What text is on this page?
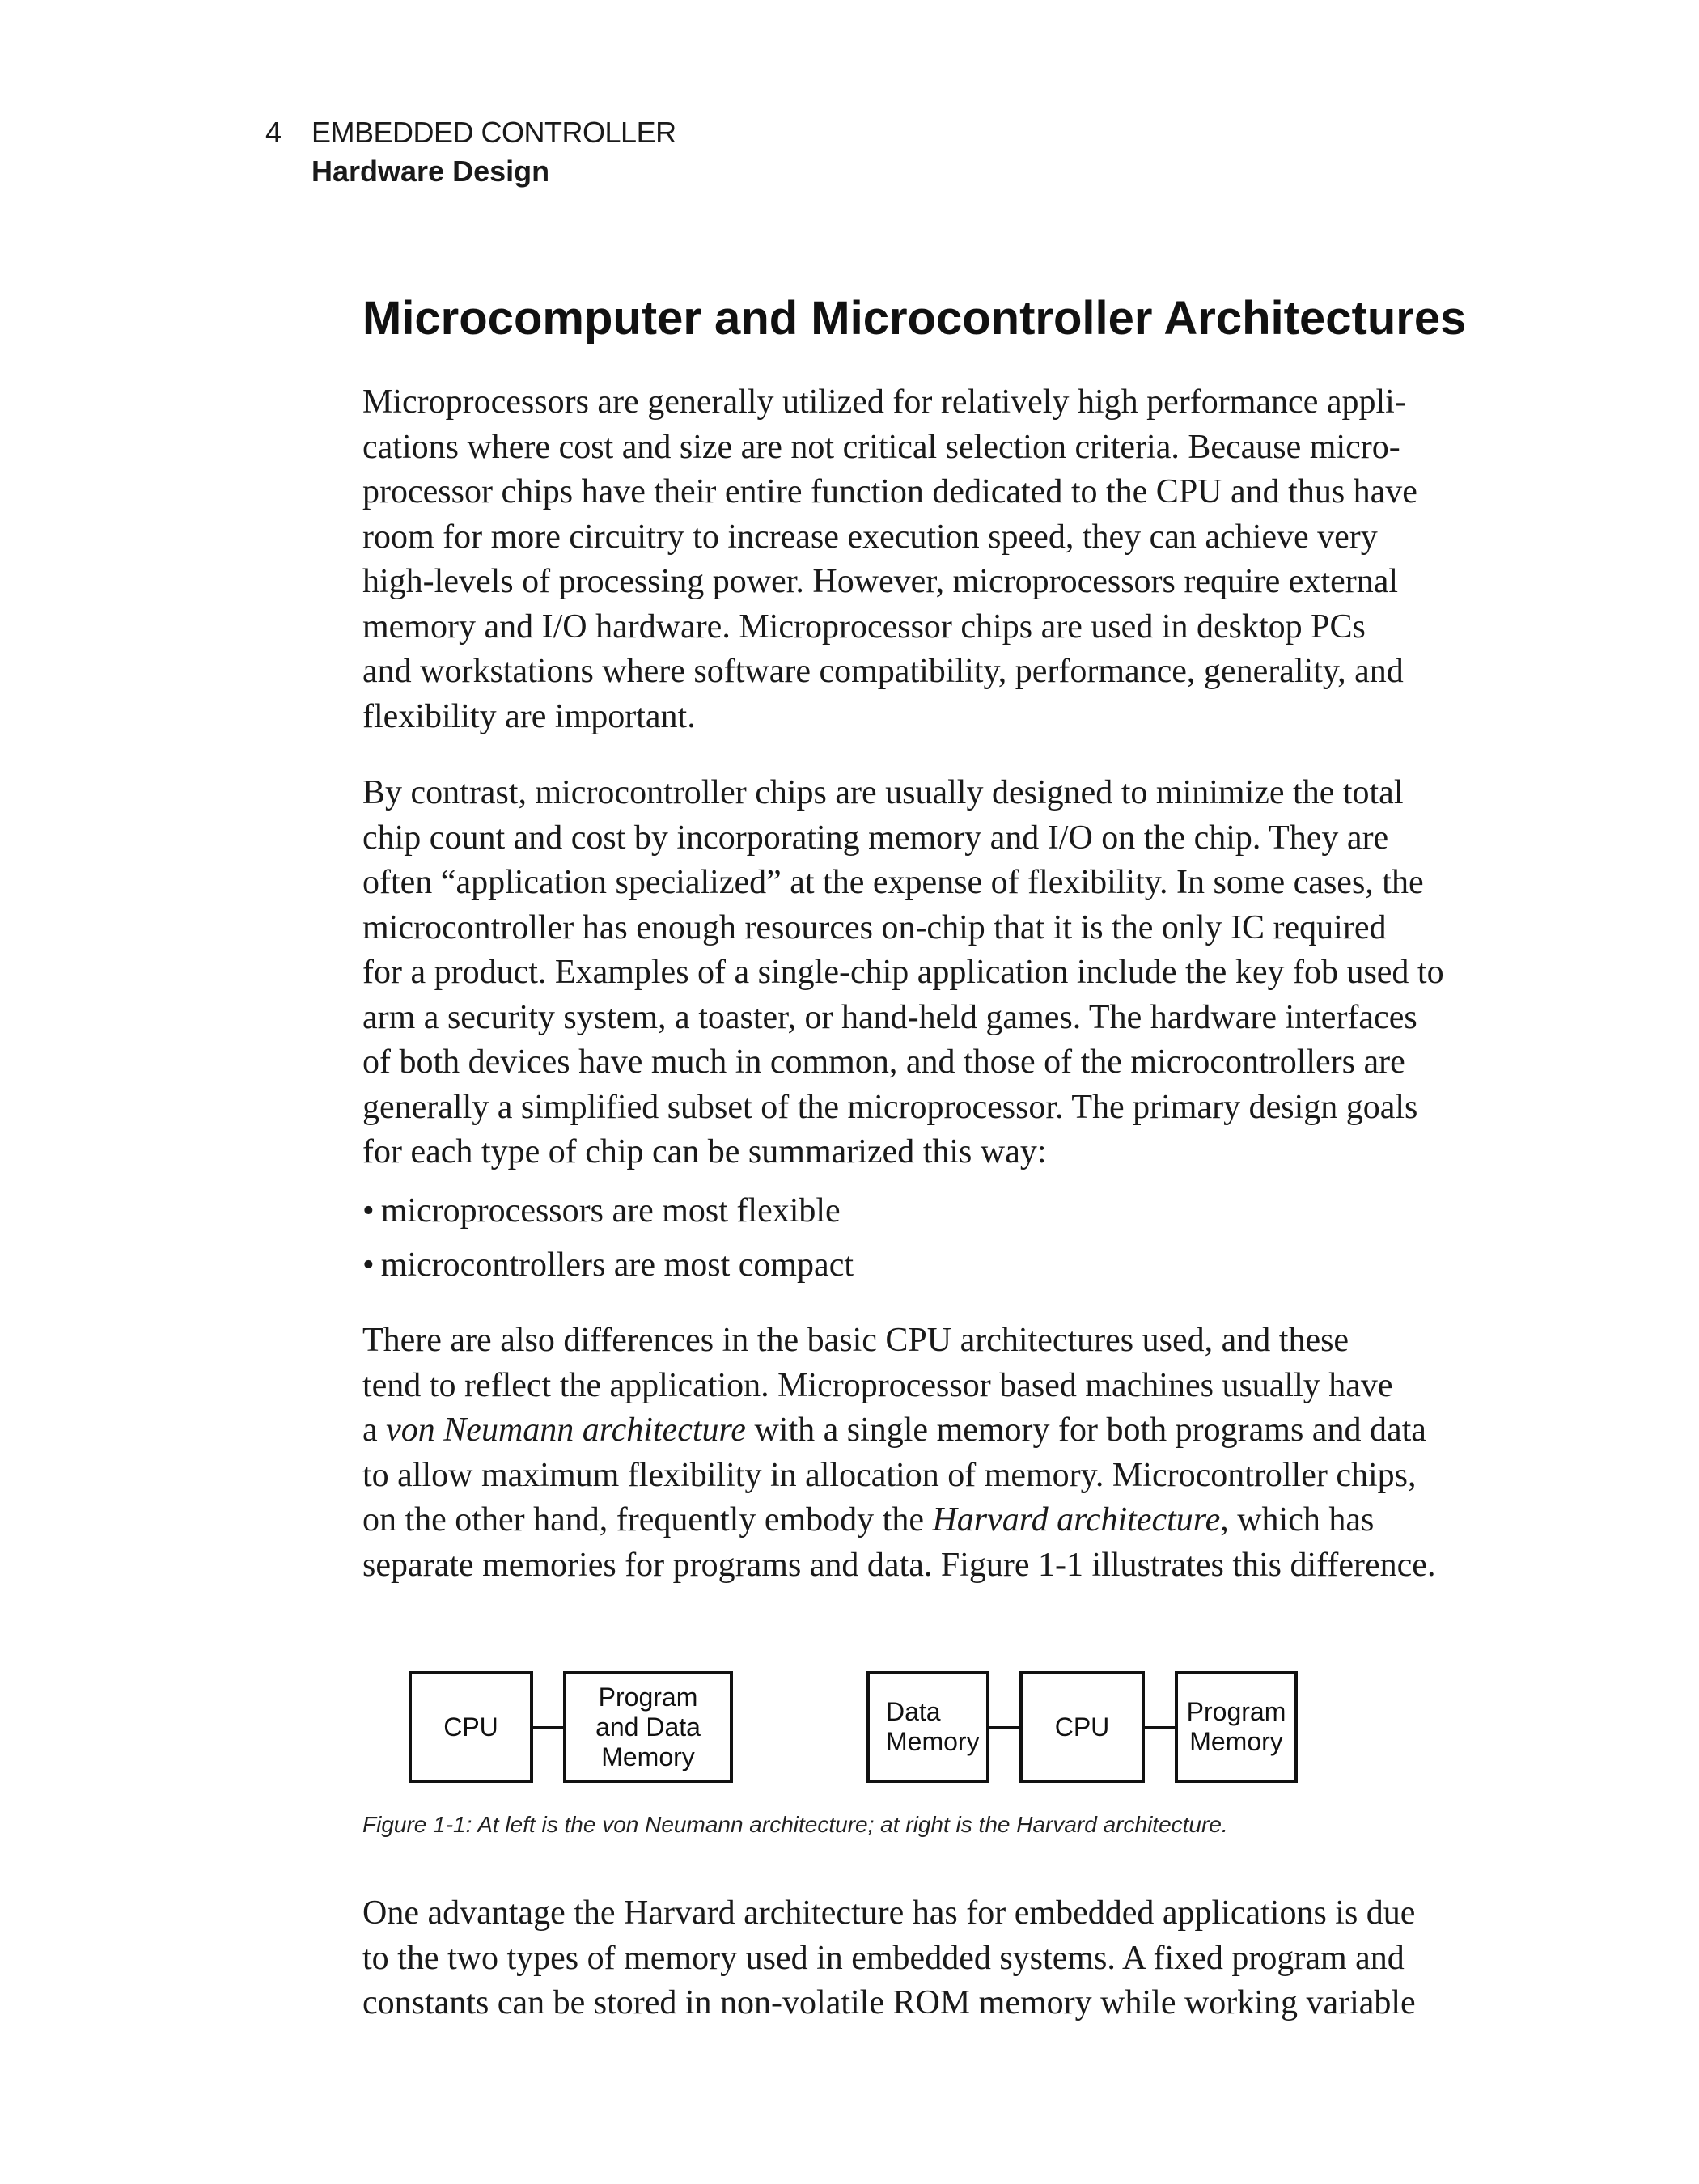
4 EMBEDDED CONTROLLER
Hardware Design
Microcomputer and Microcontroller Architectures

Microprocessors are generally utilized for relatively high performance appli-
cations where cost and size are not critical selection criteria. Because micro-
processor chips have their entire function dedicated to the CPU and thus have
room for more circuitry to increase execution speed, they can achieve very
high-levels of processing power. However, microprocessors require external
memory and I/O hardware. Microprocessor chips are used in desktop PCs
and workstations where software compatibility, performance, generality, and
flexibility are important.

By contrast, microcontroller chips are usually designed to minimize the total
chip count and cost by incorporating memory and I/O on the chip. They are
often “application specialized” at the expense of flexibility. In some cases, the
microcontroller has enough resources on-chip that it is the only IC required
for a product. Examples of a single-chip application include the key fob used to
arm a security system, a toaster, or hand-held games. The hardware interfaces
of both devices have much in common, and those of the microcontrollers are
generally a simplified subset of the microprocessor. The primary design goals
for each type of chip can be summarized this way:

• microprocessors are most flexible

• microcontrollers are most compact

There are also differences in the basic CPU architectures used, and these
tend to reflect the application. Microprocessor based machines usually have
a von Neumann architecture with a single memory for both programs and data
to allow maximum flexibility in allocation of memory. Microcontroller chips,
on the other hand, frequently embody the Harvard architecture, which has
separate memories for programs and data. Figure 1-1 illustrates this difference.

CPU
Program
and Data
Memory
Data
Memory
CPU
Program
Memory

Figure 1-1: At left is the von Neumann architecture; at right is the Harvard architecture.

One advantage the Harvard architecture has for embedded applications is due
to the two types of memory used in embedded systems. A fixed program and
constants can be stored in non-volatile ROM memory while working variable
